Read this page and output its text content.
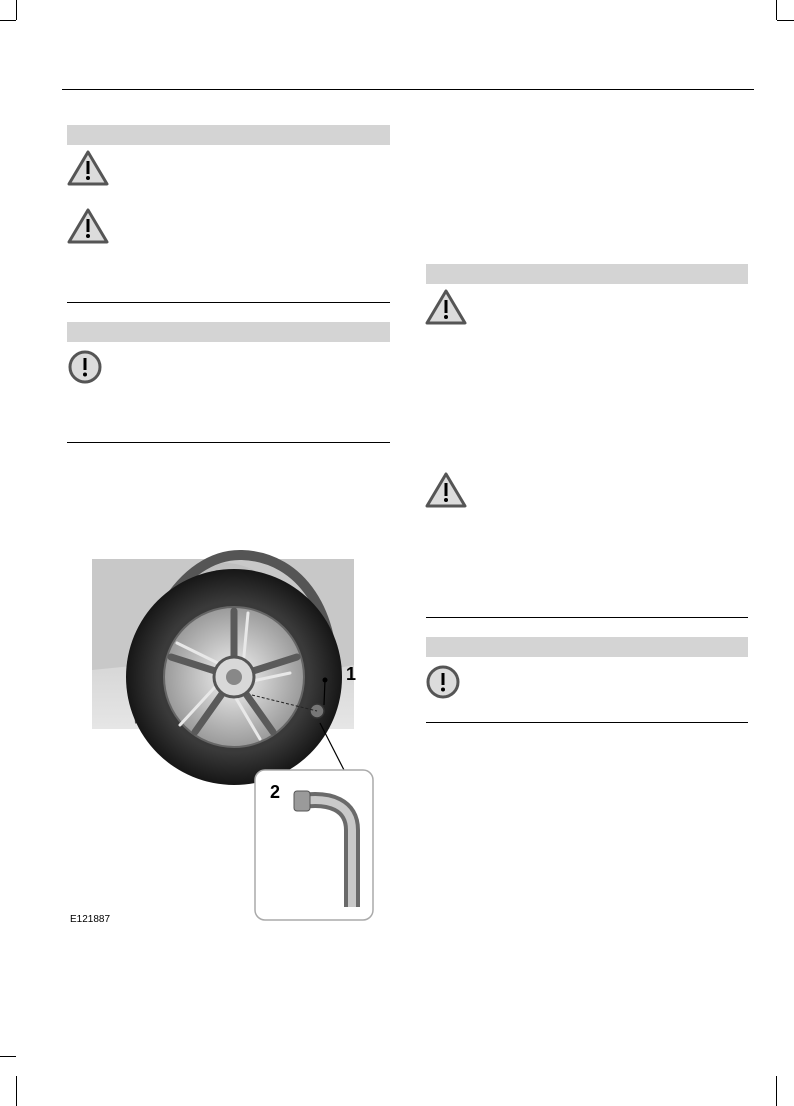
1
2
E121887
